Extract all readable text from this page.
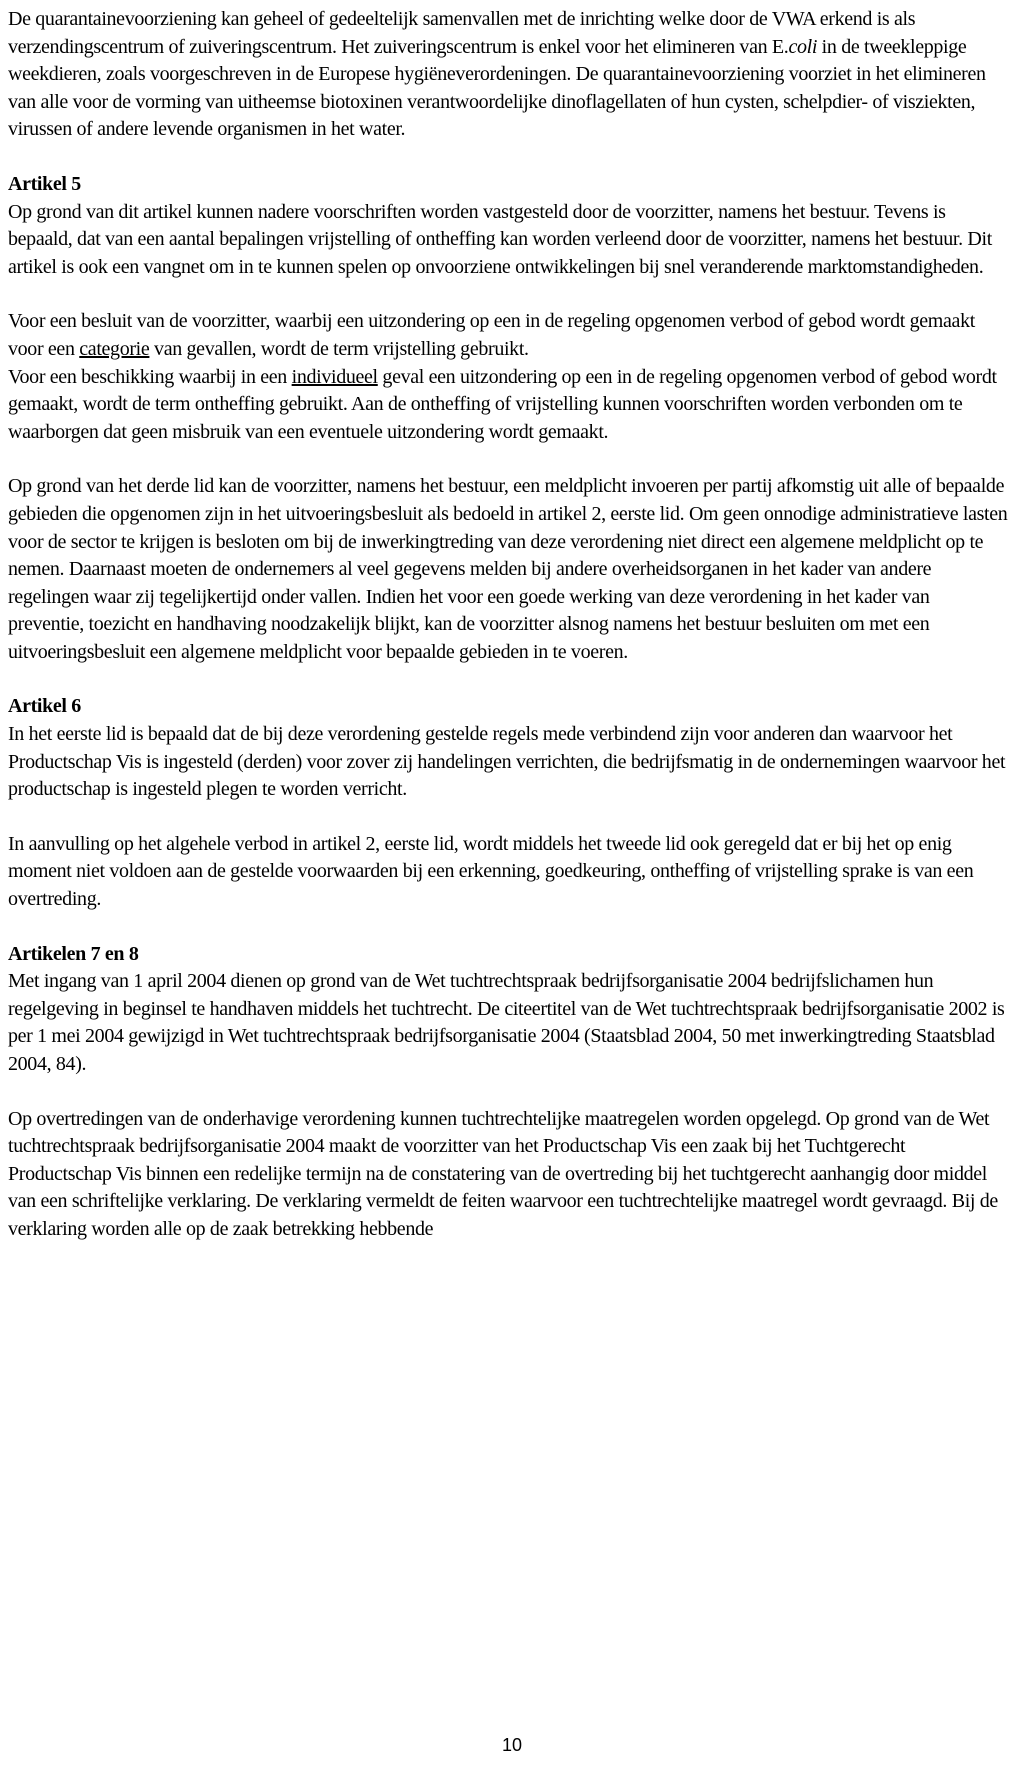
De quarantainevoorziening kan geheel of gedeeltelijk samenvallen met de inrichting welke door de VWA erkend is als verzendingscentrum of zuiveringscentrum. Het zuiveringscentrum is enkel voor het elimineren van E.coli in de tweekleppige weekdieren, zoals voorgeschreven in de Europese hygiëneverordeningen. De quarantainevoorziening voorziet in het elimineren van alle voor de vorming van uitheemse biotoxinen verantwoordelijke dinoflagellaten of hun cysten, schelpdier- of visziekten, virussen of andere levende organismen in het water.

Artikel 5

Op grond van dit artikel kunnen nadere voorschriften worden vastgesteld door de voorzitter, namens het bestuur. Tevens is bepaald, dat van een aantal bepalingen vrijstelling of ontheffing kan worden verleend door de voorzitter, namens het bestuur. Dit artikel is ook een vangnet om in te kunnen spelen op onvoorziene ontwikkelingen bij snel veranderende marktomstandigheden.

Voor een besluit van de voorzitter, waarbij een uitzondering op een in de regeling opgenomen verbod of gebod wordt gemaakt voor een categorie van gevallen, wordt de term vrijstelling gebruikt.

Voor een beschikking waarbij in een individueel geval een uitzondering op een in de regeling opgenomen verbod of gebod wordt gemaakt, wordt de term ontheffing gebruikt. Aan de ontheffing of vrijstelling kunnen voorschriften worden verbonden om te waarborgen dat geen misbruik van een eventuele uitzondering wordt gemaakt.

Op grond van het derde lid kan de voorzitter, namens het bestuur, een meldplicht invoeren per partij afkomstig uit alle of bepaalde gebieden die opgenomen zijn in het uitvoeringsbesluit als bedoeld in artikel 2, eerste lid. Om geen onnodige administratieve lasten voor de sector te krijgen is besloten om bij de inwerkingtreding van deze verordening niet direct een algemene meldplicht op te nemen. Daarnaast moeten de ondernemers al veel gegevens melden bij andere overheidsorganen in het kader van andere regelingen waar zij tegelijkertijd onder vallen. Indien het voor een goede werking van deze verordening in het kader van preventie, toezicht en handhaving noodzakelijk blijkt, kan de voorzitter alsnog namens het bestuur besluiten om met een uitvoeringsbesluit een algemene meldplicht voor bepaalde gebieden in te voeren.

Artikel 6

In het eerste lid is bepaald dat de bij deze verordening gestelde regels mede verbindend zijn voor anderen dan waarvoor het Productschap Vis is ingesteld (derden) voor zover zij handelingen verrichten, die bedrijfsmatig in de ondernemingen waarvoor het productschap is ingesteld plegen te worden verricht.

In aanvulling op het algehele verbod in artikel 2, eerste lid, wordt middels het tweede lid ook geregeld dat er bij het op enig moment niet voldoen aan de gestelde voorwaarden bij een erkenning, goedkeuring, ontheffing of vrijstelling sprake is van een overtreding.

Artikelen 7 en 8

Met ingang van 1 april 2004 dienen op grond van de Wet tuchtrechtspraak bedrijfsorganisatie 2004 bedrijfslichamen hun regelgeving in beginsel te handhaven middels het tuchtrecht. De citeertitel van de Wet tuchtrechtspraak bedrijfsorganisatie 2002 is per 1 mei 2004 gewijzigd in Wet tuchtrechtspraak bedrijfsorganisatie 2004 (Staatsblad 2004, 50 met inwerkingtreding Staatsblad 2004, 84).

Op overtredingen van de onderhavige verordening kunnen tuchtrechtelijke maatregelen worden opgelegd. Op grond van de Wet tuchtrechtspraak bedrijfsorganisatie 2004 maakt de voorzitter van het Productschap Vis een zaak bij het Tuchtgerecht Productschap Vis binnen een redelijke termijn na de constatering van de overtreding bij het tuchtgerecht aanhangig door middel van een schriftelijke verklaring. De verklaring vermeldt de feiten waarvoor een tuchtrechtelijke maatregel wordt gevraagd. Bij de verklaring worden alle op de zaak betrekking hebbende

10
